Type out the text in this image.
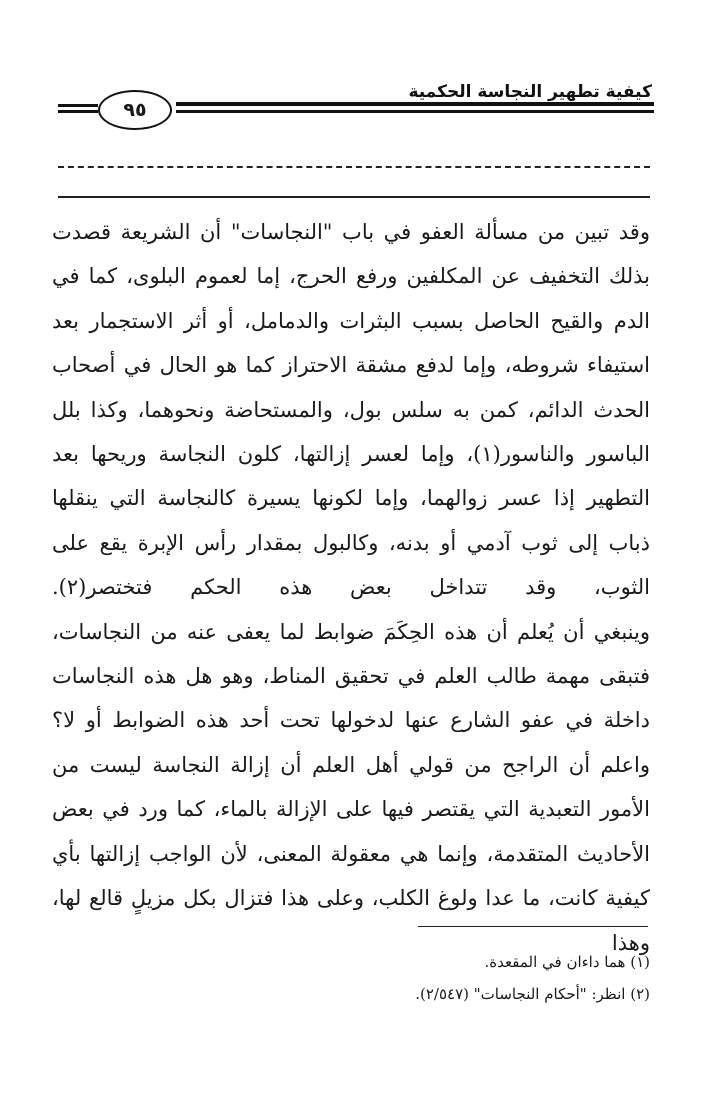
كيفية تطهير النجاسة الحكمية
٩٥

وقد تبين من مسألة العفو في باب "النجاسات" أن الشريعة قصدت بذلك التخفيف عن المكلفين ورفع الحرج، إما لعموم البلوى، كما في الدم والقيح الحاصل بسبب البثرات والدمامل، أو أثر الاستجمار بعد استيفاء شروطه، وإما لدفع مشقة الاحتراز كما هو الحال في أصحاب الحدث الدائم، كمن به سلس بول، والمستحاضة ونحوهما، وكذا بلل الباسور والناسور(١)، وإما لعسر إزالتها، كلون النجاسة وريحها بعد التطهير إذا عسر زوالهما، وإما لكونها يسيرة كالنجاسة التي ينقلها ذباب إلى ثوب آدمي أو بدنه، وكالبول بمقدار رأس الإبرة يقع على الثوب، وقد تتداخل بعض هذه الحكم فتختصر(٢).

وينبغي أن يُعلم أن هذه الحِكَمَ ضوابط لما يعفى عنه من النجاسات، فتبقى مهمة طالب العلم في تحقيق المناط، وهو هل هذه النجاسات داخلة في عفو الشارع عنها لدخولها تحت أحد هذه الضوابط أو لا؟

واعلم أن الراجح من قولي أهل العلم أن إزالة النجاسة ليست من الأمور التعبدية التي يقتصر فيها على الإزالة بالماء، كما ورد في بعض الأحاديث المتقدمة، وإنما هي معقولة المعنى، لأن الواجب إزالتها بأي كيفية كانت، ما عدا ولوغ الكلب، وعلى هذا فتزال بكل مزيلٍ قالع لها، وهذا

(١) هما داءان في المقعدة.
(٢) انظر: "أحكام النجاسات" (٢/٥٤٧).
